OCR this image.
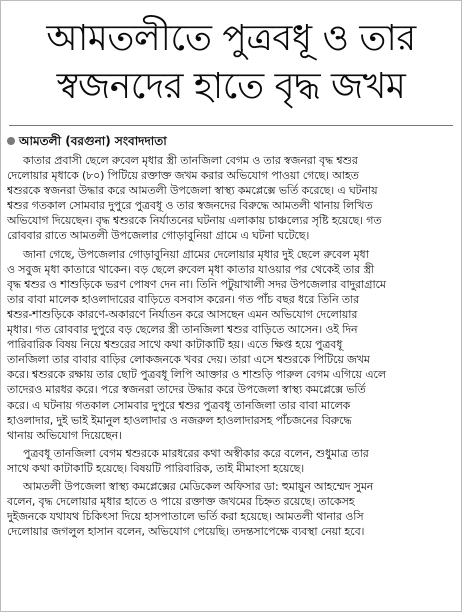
আমতলীতে পুত্রবধূ ও তার
স্বজনদের হাতে বৃদ্ধ জখম
আমতলী (বরগুনা) সংবাদদাতা
কাতার প্রবাসী ছেলে রুবেল মৃধার স্ত্রী তানজিলা বেগম ও তার স্বজনরা বৃদ্ধ শ্বশুর
দেলোয়ার মৃধাকে (৮০) পিটিয়ে রক্তাক্ত জখম করার অভিযোগ পাওয়া গেছে। আহত
শ্বশুরকে স্বজনরা উদ্ধার করে আমতলী উপজেলা স্বাস্থ্য কমপ্লেক্সে ভর্তি করেছে। এ ঘটনায়
শ্বশুর গতকাল সোমবার দুপুরে পুত্রবধূ ও তার স্বজনদের বিরুদ্ধে আমতলী থানায় লিখিত
অভিযোগ দিয়েছেন। বৃদ্ধ শ্বশুরকে নির্যাতনের ঘটনায় এলাকায় চাঞ্চল্যের সৃষ্টি হয়েছে। গত
রোববার রাতে আমতলী উপজেলার গোড়াবুনিয়া গ্রামে এ ঘটনা ঘটেছে।
জানা গেছে, উপজেলার গোড়াবুনিয়া গ্রামের দেলোয়ার মৃধার দুই ছেলে রুবেল মৃধা
ও সবুজ মৃধা কাতারে থাকেন। বড় ছেলে রুবেল মৃধা কাতার যাওয়ার পর থেকেই তার স্ত্রী
বৃদ্ধ শ্বশুর ও শাশুড়িকে ভরণ পোষণ দেন না। তিনি পটুয়াখালী সদর উপজেলার বাদুরাগ্রামে
তার বাবা মালেক হাওলাদারের বাড়িতে বসবাস করেন। গত পাঁচ বছর ধরে তিনি তার
শ্বশুর-শাশুড়িকে কারণে-অকারণে নির্যাতন করে আসছেন এমন অভিযোগ দেলোয়ার
মৃধার। গত রোববার দুপুরে বড় ছেলের স্ত্রী তানজিলা শ্বশুর বাড়িতে আসেন। ওই দিন
পারিবারিক বিষয় নিয়ে শ্বশুরের সাথে কথা কাটাকাটি হয়। এতে ক্ষিপ্ত হয়ে পুত্রবধূ
তানজিলা তার বাবার বাড়ির লোকজনকে খবর দেয়। তারা এসে শ্বশুরকে পিটিয়ে জখম
করে। শ্বশুরকে রক্ষায় তার ছোট পুত্রবধূ লিপি আক্তার ও শাশুড়ি পারুল বেগম এগিয়ে এলে
তাদেরও মারধর করে। পরে স্বজনরা তাদের উদ্ধার করে উপজেলা স্বাস্থ্য কমপ্লেক্সে ভর্তি
করে। এ ঘটনায় গতকাল সোমবার দুপুরে শ্বশুর পুত্রবধূ তানজিলা তার বাবা মালেক
হাওলাদার, দুই ভাই ইমানুল হাওলাদার ও নজরুল হাওলাদারসহ পাঁচজনের বিরুদ্ধে
থানায় অভিযোগ দিয়েছেন।
পুত্রবধূ তানজিলা বেগম শ্বশুরকে মারধরের কথা অস্বীকার করে বলেন, শুধুমাত্র তার
সাথে কথা কাটাকাটি হয়েছে। বিষয়টি পারিবারিক, তাই মীমাংসা হয়েছে।
আমতলী উপজেলা স্বাস্থ্য কমপ্লেক্সের মেডিকেল অফিসার ডা: হুমায়ুন আহম্মেদ সুমন
বলেন, বৃদ্ধ দেলোয়ার মৃধার হাতে ও পায়ে রক্তাক্ত জখমের চিহ্নত রয়েছে। তাকেসহ
দুইজনকে যথাযথ চিকিৎসা দিয়ে হাসপাতালে ভর্তি করা হয়েছে। আমতলী থানার ওসি
দেলোয়ার জগলুল হাসান বলেন, অভিযোগ পেয়েছি। তদন্তসাপেক্ষে ব্যবস্থা নেয়া হবে।
